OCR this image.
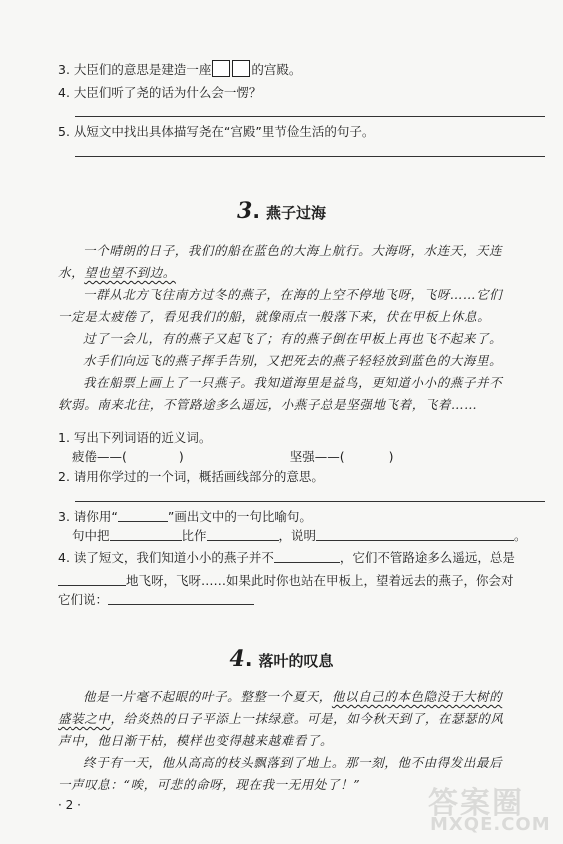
3. 大臣们的意思是建造一座	的宫殿。
4. 大臣们听了尧的话为什么会一愣？
5. 从短文中找出具体描写尧在“宫殿”里节俭生活的句子。
3. 燕子过海
一个晴朗的日子，我们的船在蓝色的大海上航行。大海呀，水连天，天连水，望也望不到边。
一群从北方飞往南方过冬的燕子，在海的上空不停地飞呀，飞呀……它们一定是太疲倦了，看见我们的船，就像雨点一般落下来，伏在甲板上休息。
过了一会儿，有的燕子又起飞了；有的燕子倒在甲板上再也飞不起来了。
水手们向远飞的燕子挥手告别，又把死去的燕子轻轻放到蓝色的大海里。
我在船票上画上了一只燕子。我知道海里是益鸟，更知道小小的燕子并不软弱。南来北往，不管路途多么遥远，小燕子总是坚强地飞着，飞着……
1. 写出下列词语的近义词。
疲倦——(	)	坚强——(	)
2. 请用你学过的一个词，概括画线部分的意思。
3. 请你用“	”画出文中的一句比喻句。
句中把	比作	，说明	。
4. 读了短文，我们知道小小的燕子并不	，它们不管路途多么遥远，总是
地飞呀，飞呀……如果此时你也站在甲板上，望着远去的燕子，你会对
它们说：
4. 落叶的叹息
他是一片毫不起眼的叶子。整整一个夏天，他以自己的本色隐没于大树的盛装之中，给炎热的日子平添上一抹绿意。可是，如今秋天到了，在瑟瑟的风声中，他日渐干枯，模样也变得越来越难看了。
终于有一天，他从高高的枝头飘落到了地上。那一刻，他不由得发出最后一声叹息：“唉，可悲的命呀，现在我一无用处了！”
· 2 ·	答案圈
MXQE.COM
